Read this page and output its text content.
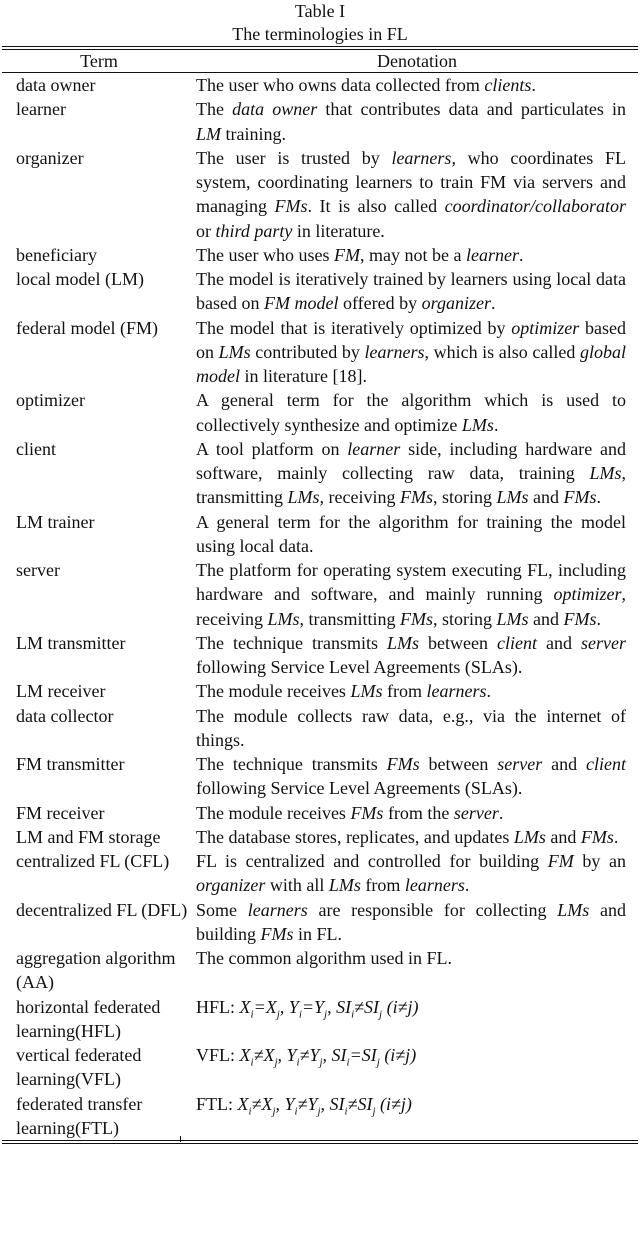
Table I
The terminologies in FL
Term	Denotation
data owner	The user who owns data collected from clients.
learner	The data owner that contributes data and particulates in LM training.
organizer	The user is trusted by learners, who coordinates FL system, coordinating learners to train FM via servers and managing FMs. It is also called coordinator/collaborator or third party in literature.
beneficiary	The user who uses FM, may not be a learner.
local model (LM)	The model is iteratively trained by learners using local data based on FM model offered by organizer.
federal model (FM)	The model that is iteratively optimized by optimizer based on LMs contributed by learners, which is also called global model in literature [18].
optimizer	A general term for the algorithm which is used to collectively synthesize and optimize LMs.
client	A tool platform on learner side, including hardware and software, mainly collecting raw data, training LMs, transmitting LMs, receiving FMs, storing LMs and FMs.
LM trainer	A general term for the algorithm for training the model using local data.
server	The platform for operating system executing FL, including hardware and software, and mainly running optimizer, receiving LMs, transmitting FMs, storing LMs and FMs.
LM transmitter	The technique transmits LMs between client and server following Service Level Agreements (SLAs).
LM receiver	The module receives LMs from learners.
data collector	The module collects raw data, e.g., via the internet of things.
FM transmitter	The technique transmits FMs between server and client following Service Level Agreements (SLAs).
FM receiver	The module receives FMs from the server.
LM and FM storage	The database stores, replicates, and updates LMs and FMs.
centralized FL (CFL)	FL is centralized and controlled for building FM by an organizer with all LMs from learners.
decentralized FL (DFL)	Some learners are responsible for collecting LMs and building FMs in FL.
aggregation algorithm (AA)	The common algorithm used in FL.
horizontal federated learning(HFL)	HFL: $X_i=X_j$, $Y_i=Y_j$, $SI_i\ne SI_j$ (i≠j)
vertical federated learning(VFL)	VFL: $X_i\ne X_j$, $Y_i\ne Y_j$, $SI_i=SI_j$ (i≠j)
federated transfer learning(FTL)	FTL: $X_i\ne X_j$, $Y_i\ne Y_j$, $SI_i\ne SI_j$ (i≠j)
